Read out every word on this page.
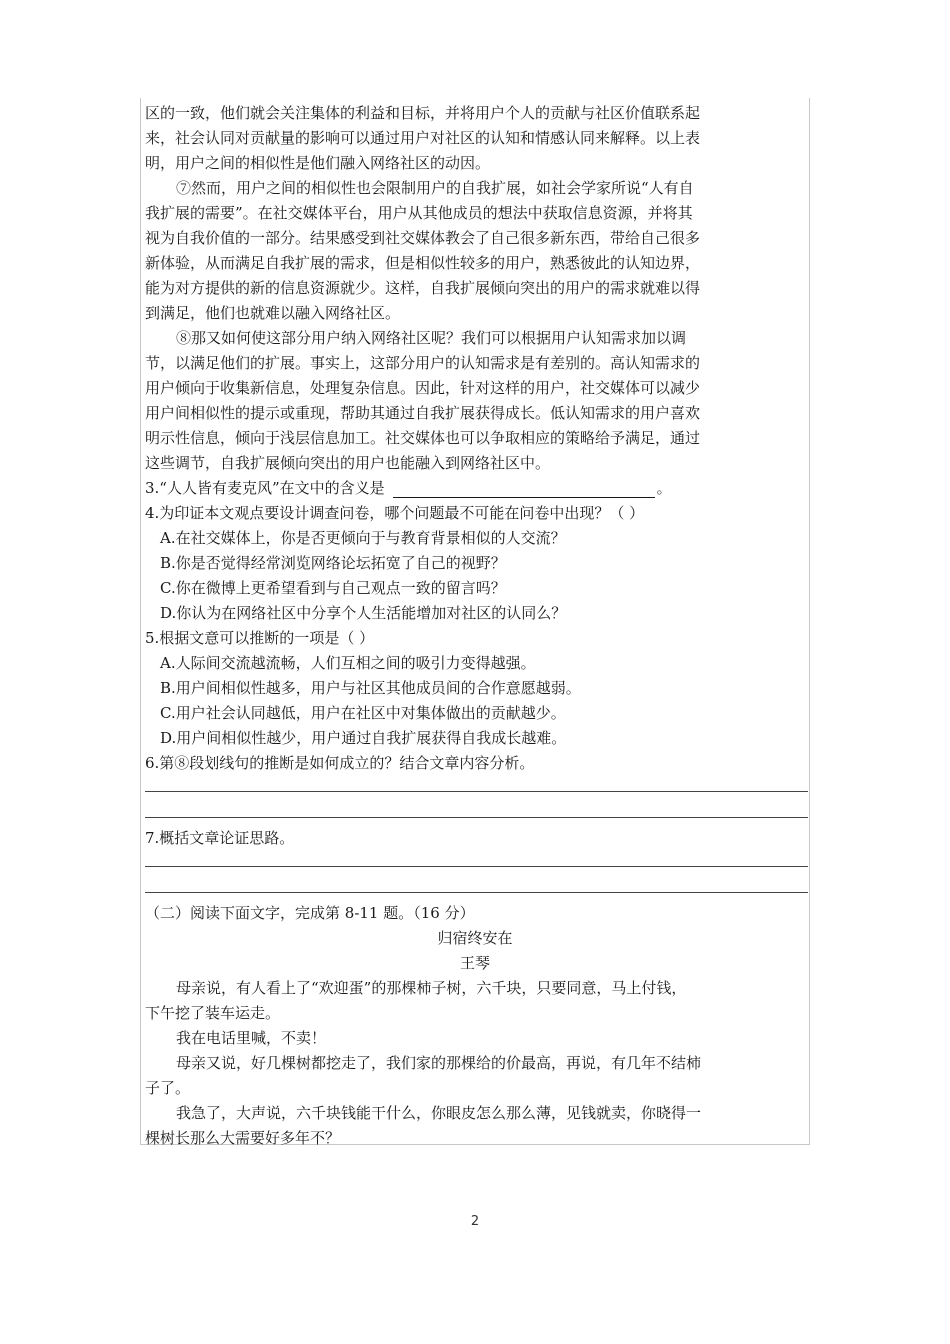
区的一致，他们就会关注集体的利益和目标，并将用户个人的贡献与社区价值联系起
来，社会认同对贡献量的影响可以通过用户对社区的认知和情感认同来解释。以上表
明，用户之间的相似性是他们融入网络社区的动因。
⑦然而，用户之间的相似性也会限制用户的自我扩展，如社会学家所说“人有自
我扩展的需要”。在社交媒体平台，用户从其他成员的想法中获取信息资源，并将其
视为自我价值的一部分。结果感受到社交媒体教会了自己很多新东西，带给自己很多
新体验，从而满足自我扩展的需求，但是相似性较多的用户，熟悉彼此的认知边界，
能为对方提供的新的信息资源就少。这样，自我扩展倾向突出的用户的需求就难以得
到满足，他们也就难以融入网络社区。
⑧那又如何使这部分用户纳入网络社区呢？我们可以根据用户认知需求加以调
节，以满足他们的扩展。事实上，这部分用户的认知需求是有差别的。高认知需求的
用户倾向于收集新信息，处理复杂信息。因此，针对这样的用户，社交媒体可以减少
用户间相似性的提示或重现，帮助其通过自我扩展获得成长。低认知需求的用户喜欢
明示性信息，倾向于浅层信息加工。社交媒体也可以争取相应的策略给予满足，通过
这些调节，自我扩展倾向突出的用户也能融入到网络社区中。
3.“人人皆有麦克风”在文中的含义是	。
4.为印证本文观点要设计调查问卷，哪个问题最不可能在问卷中出现？（ ）
A.在社交媒体上，你是否更倾向于与教育背景相似的人交流？
B.你是否觉得经常浏览网络论坛拓宽了自己的视野？
C.你在微博上更希望看到与自己观点一致的留言吗？
D.你认为在网络社区中分享个人生活能增加对社区的认同么？
5.根据文意可以推断的一项是（ ）
A.人际间交流越流畅，人们互相之间的吸引力变得越强。
B.用户间相似性越多，用户与社区其他成员间的合作意愿越弱。
C.用户社会认同越低，用户在社区中对集体做出的贡献越少。
D.用户间相似性越少，用户通过自我扩展获得自我成长越难。
6.第⑧段划线句的推断是如何成立的？结合文章内容分析。
7.概括文章论证思路。
（二）阅读下面文字，完成第 8-11 题。（16 分）
归宿终安在
王琴
母亲说，有人看上了“欢迎蛋”的那棵柿子树，六千块，只要同意，马上付钱，
下午挖了装车运走。
我在电话里喊，不卖！
母亲又说，好几棵树都挖走了，我们家的那棵给的价最高，再说，有几年不结柿
子了。
我急了，大声说，六千块钱能干什么，你眼皮怎么那么薄，见钱就卖，你晓得一
棵树长那么大需要好多年不？
2
